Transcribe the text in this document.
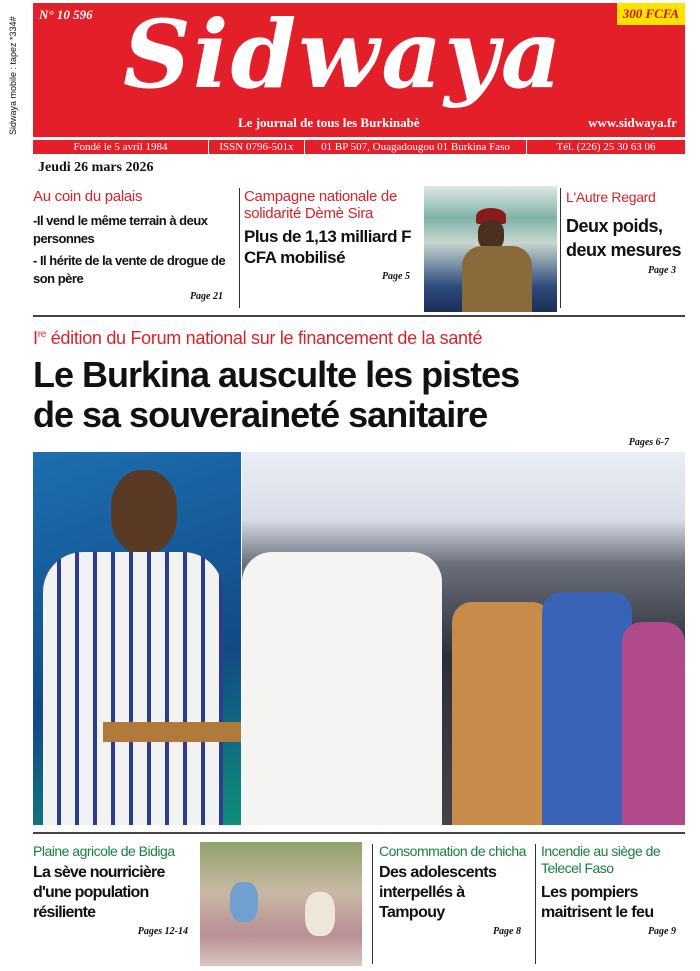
Sidwaya mobile : tapez *334#
N° 10 596	300 FCFA
Sidwaya
Le journal de tous les Burkinabè	www.sidwaya.fr
Fondé le 5 avril 1984	ISSN 0796-501x	01 BP 507, Ouagadougou 01 Burkina Faso	Tél. (226) 25 30 63 06
Jeudi 26 mars 2026
Au coin du palais
-Il vend le même terrain à deux personnes
- Il hérite de la vente de drogue de son père
Page 21
Campagne nationale de solidarité Dèmè Sira
Plus de 1,13 milliard F CFA mobilisé
Page 5
L'Autre Regard
Deux poids, deux mesures
Page 3
Ire édition du Forum national sur le financement de la santé
Le Burkina ausculte les pistes
de sa souveraineté sanitaire
Pages 6-7
Plaine agricole de Bidiga
La sève nourricière d'une population résiliente
Pages 12-14
Consommation de chicha
Des adolescents interpellés à Tampouy
Page 8
Incendie au siège de Telecel Faso
Les pompiers maitrisent le feu
Page 9
